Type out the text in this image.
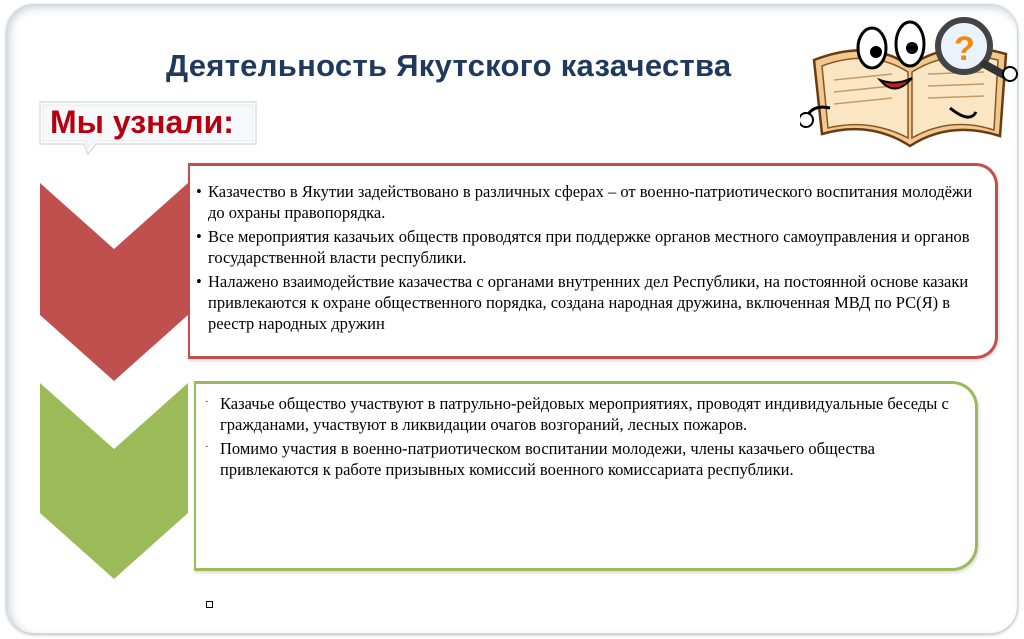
Деятельность Якутского казачества
Мы узнали:
?
• Казачество в Якутии задействовано в различных сферах – от военно-патриотического воспитания молодёжи до охраны правопорядка.
• Все мероприятия казачьих обществ проводятся при поддержке органов местного самоуправления и органов государственной власти республики.
• Налажено взаимодействие казачества с органами внутренних дел Республики, на постоянной основе казаки привлекаются к охране общественного порядка, создана народная дружина, включенная МВД по РС(Я) в реестр народных дружин
· Казачье общество участвуют в патрульно-рейдовых мероприятиях, проводят индивидуальные беседы с гражданами, участвуют в ликвидации очагов возгораний, лесных пожаров.
· Помимо участия в военно-патриотическом воспитании молодежи, члены казачьего общества привлекаются к работе призывных комиссий военного комиссариата республики.
